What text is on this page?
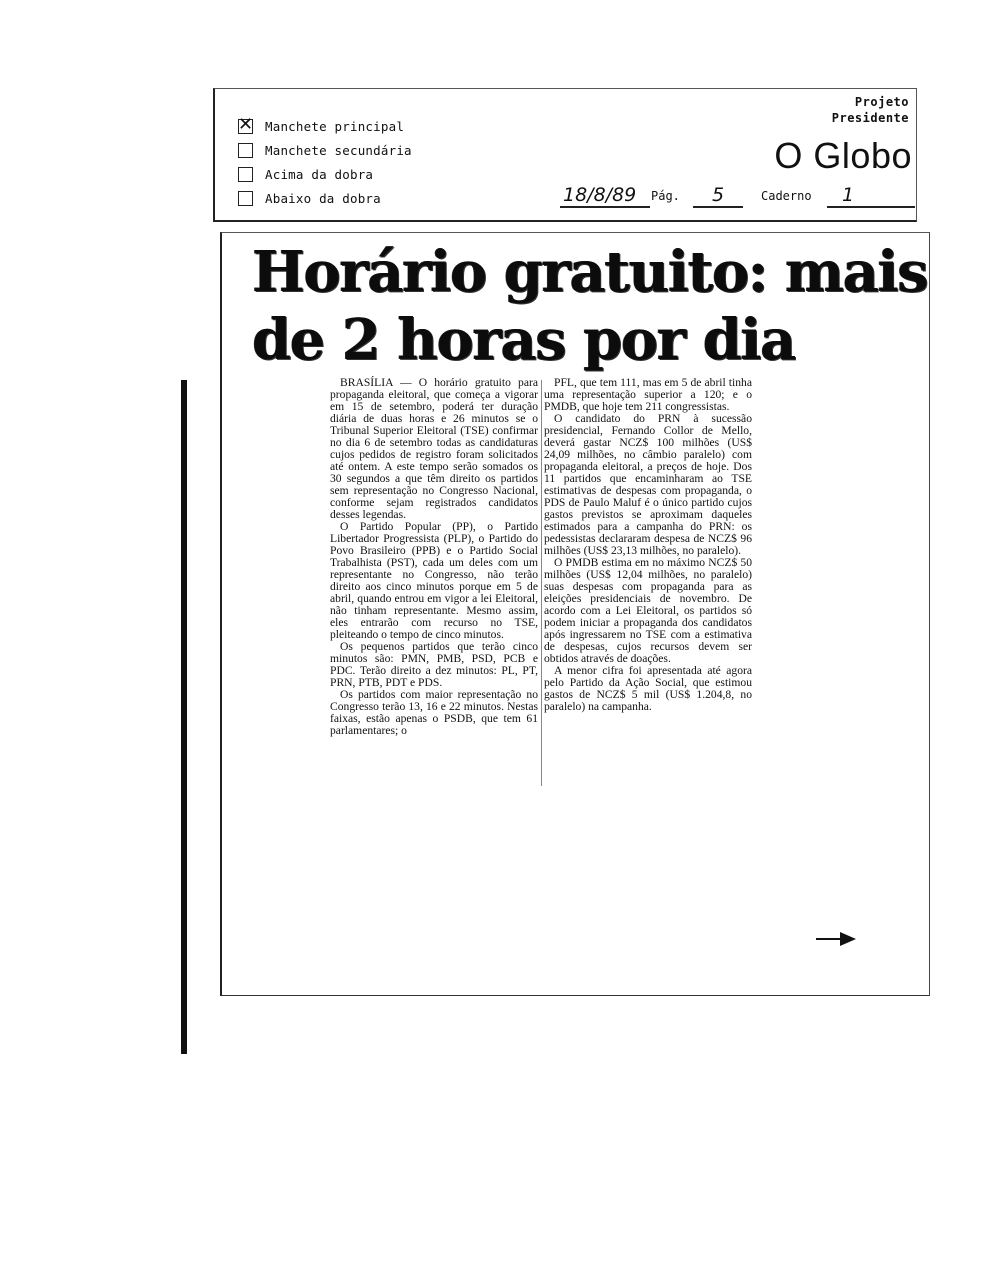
✕ Manchete principal
Manchete secundária
Acima da dobra
Abaixo da dobra
Projeto
Presidente
O Globo
18/8/89 Pág. 5	Caderno 1
Horário gratuito: mais
de 2 horas por dia

BRASÍLIA — O horário gratuito para propaganda eleitoral, que começa a vigorar em 15 de setembro, poderá ter duração diária de duas horas e 26 minutos se o Tribunal Superior Eleitoral (TSE) confirmar no dia 6 de setembro todas as candidaturas cujos pedidos de registro foram solicitados até ontem. A este tempo serão somados os 30 segundos a que têm direito os partidos sem representação no Congresso Nacional, conforme sejam registrados candidatos desses legendas.

O Partido Popular (PP), o Partido Libertador Progressista (PLP), o Partido do Povo Brasileiro (PPB) e o Partido Social Trabalhista (PST), cada um deles com um representante no Congresso, não terão direito aos cinco minutos porque em 5 de abril, quando entrou em vigor a lei Eleitoral, não tinham representante. Mesmo assim, eles entrarão com recurso no TSE, pleiteando o tempo de cinco minutos.

Os pequenos partidos que terão cinco minutos são: PMN, PMB, PSD, PCB e PDC. Terão direito a dez minutos: PL, PT, PRN, PTB, PDT e PDS.

Os partidos com maior representação no Congresso terão 13, 16 e 22 minutos. Nestas faixas, estão apenas o PSDB, que tem 61 parlamentares; o

PFL, que tem 111, mas em 5 de abril tinha uma representação superior a 120; e o PMDB, que hoje tem 211 congressistas.

O candidato do PRN à sucessão presidencial, Fernando Collor de Mello, deverá gastar NCZ$ 100 milhões (US$ 24,09 milhões, no câmbio paralelo) com propaganda eleitoral, a preços de hoje. Dos 11 partidos que encaminharam ao TSE estimativas de despesas com propaganda, o PDS de Paulo Maluf é o único partido cujos gastos previstos se aproximam daqueles estimados para a campanha do PRN: os pedessistas declararam despesa de NCZ$ 96 milhões (US$ 23,13 milhões, no paralelo).

O PMDB estima em no máximo NCZ$ 50 milhões (US$ 12,04 milhões, no paralelo) suas despesas com propaganda para as eleições presidenciais de novembro. De acordo com a Lei Eleitoral, os partidos só podem iniciar a propaganda dos candidatos após ingressarem no TSE com a estimativa de despesas, cujos recursos devem ser obtidos através de doações.

A menor cifra foi apresentada até agora pelo Partido da Ação Social, que estimou gastos de NCZ$ 5 mil (US$ 1.204,8, no paralelo) na campanha.
